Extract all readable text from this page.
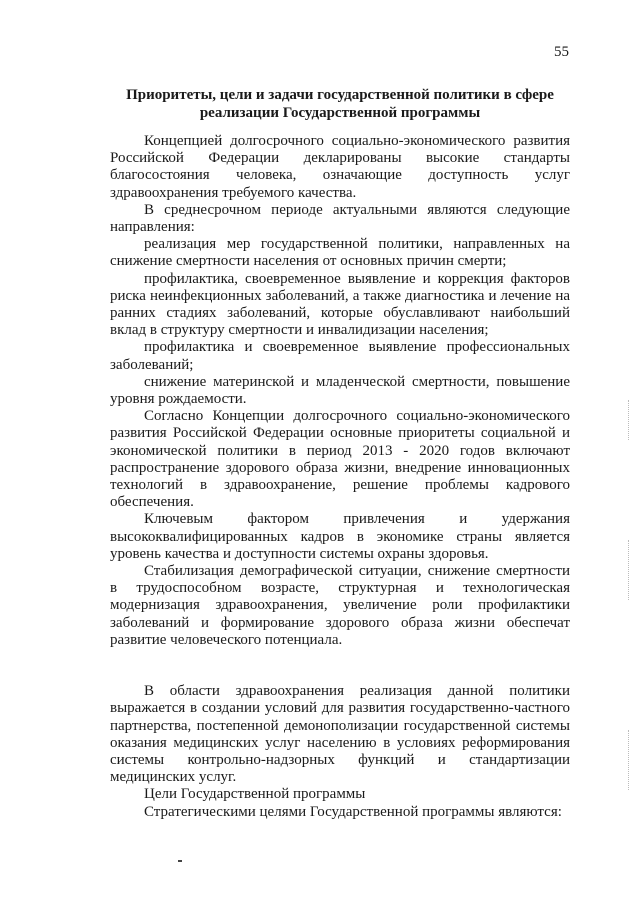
55
Приоритеты, цели и задачи государственной политики в сфере реализации Государственной программы

Концепцией долгосрочного социально-экономического развития Российской Федерации декларированы высокие стандарты благосостояния человека, означающие доступность услуг здравоохранения требуемого качества.

В среднесрочном периоде актуальными являются следующие направления:

реализация мер государственной политики, направленных на снижение смертности населения от основных причин смерти;

профилактика, своевременное выявление и коррекция факторов риска неинфекционных заболеваний, а также диагностика и лечение на ранних стадиях заболеваний, которые обуславливают наибольший вклад в структуру смертности и инвалидизации населения;

профилактика и своевременное выявление профессиональных заболеваний;

снижение материнской и младенческой смертности, повышение уровня рождаемости.

Согласно Концепции долгосрочного социально-экономического развития Российской Федерации основные приоритеты социальной и экономической политики в период 2013 - 2020 годов включают распространение здорового образа жизни, внедрение инновационных технологий в здравоохранение, решение проблемы кадрового обеспечения.

Ключевым фактором привлечения и удержания высококвалифицированных кадров в экономике страны является уровень качества и доступности системы охраны здоровья.

Стабилизация демографической ситуации, снижение смертности в трудоспособном возрасте, структурная и технологическая модернизация здравоохранения, увеличение роли профилактики заболеваний и формирование здорового образа жизни обеспечат развитие человеческого потенциала.

В области здравоохранения реализация данной политики выражается в создании условий для развития государственно-частного партнерства, постепенной демонополизации государственной системы оказания медицинских услуг населению в условиях реформирования системы контрольно-надзорных функций и стандартизации медицинских услуг.

Цели Государственной программы

Стратегическими целями Государственной программы являются:
